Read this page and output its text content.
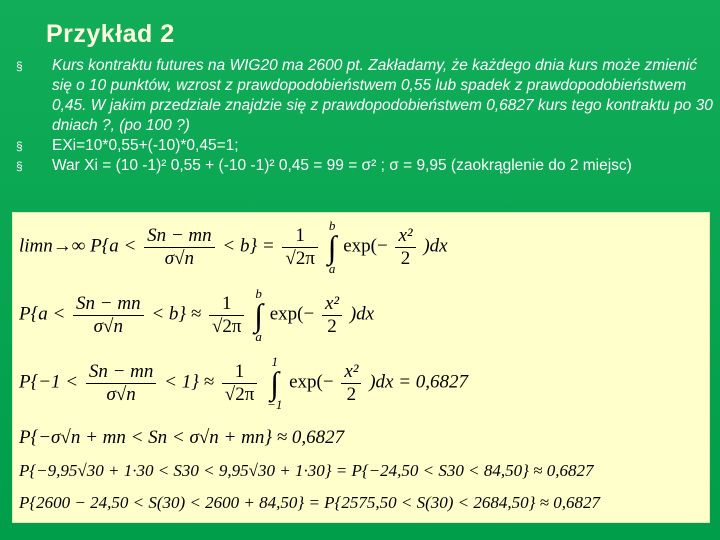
Przykład 2
§ Kurs kontraktu futures na WIG20 ma 2600 pt. Zakładamy, że każdego dnia kurs może zmienić się o 10 punktów, wzrost z prawdopodobieństwem 0,55 lub spadek z prawdopodobieństwem 0,45. W jakim przedziale znajdzie się z prawdopodobieństwem 0,6827 kurs tego kontraktu po 30 dniach ?, (po 100 ?)
§ EXi=10*0,55+(-10)*0,45=1;
§ War Xi = (10 -1)² 0,55 + (-10 -1)² 0,45 = 99 = σ² ; σ = 9,95 (zaokrąglenie do 2 miejsc)
limn→∞ $P\{a < \frac{Sn - mn}{\sigma√n} < b\} = \frac{1}{√2\pi}$ b
∫
a $\exp(- \frac{\text{x²}}{2} )dx$
$P\{a < \frac{Sn - mn}{\sigma√n} < b\} \approx \frac{1}{√2\pi}$ b
∫
a $\exp(- \frac{\text{x²}}{2} )dx$
$P\{-1 < \frac{Sn - mn}{\sigma√n} < 1\} \approx \frac{1}{√2\pi} 1$
∫
−1 $\exp(- \frac{\text{x²}}{2} )dx = 0,6827$
P{−σ√n + mn < Sn < σ√n + mn} ≈ 0,6827
P{−9,95√30 + 1·30 < S30 < 9,95√30 + 1·30} = P{−24,50 < S30 < 84,50} ≈ 0,6827
P{2600 − 24,50 < S(30) < 2600 + 84,50} = P{2575,50 < S(30) < 2684,50} ≈ 0,6827
